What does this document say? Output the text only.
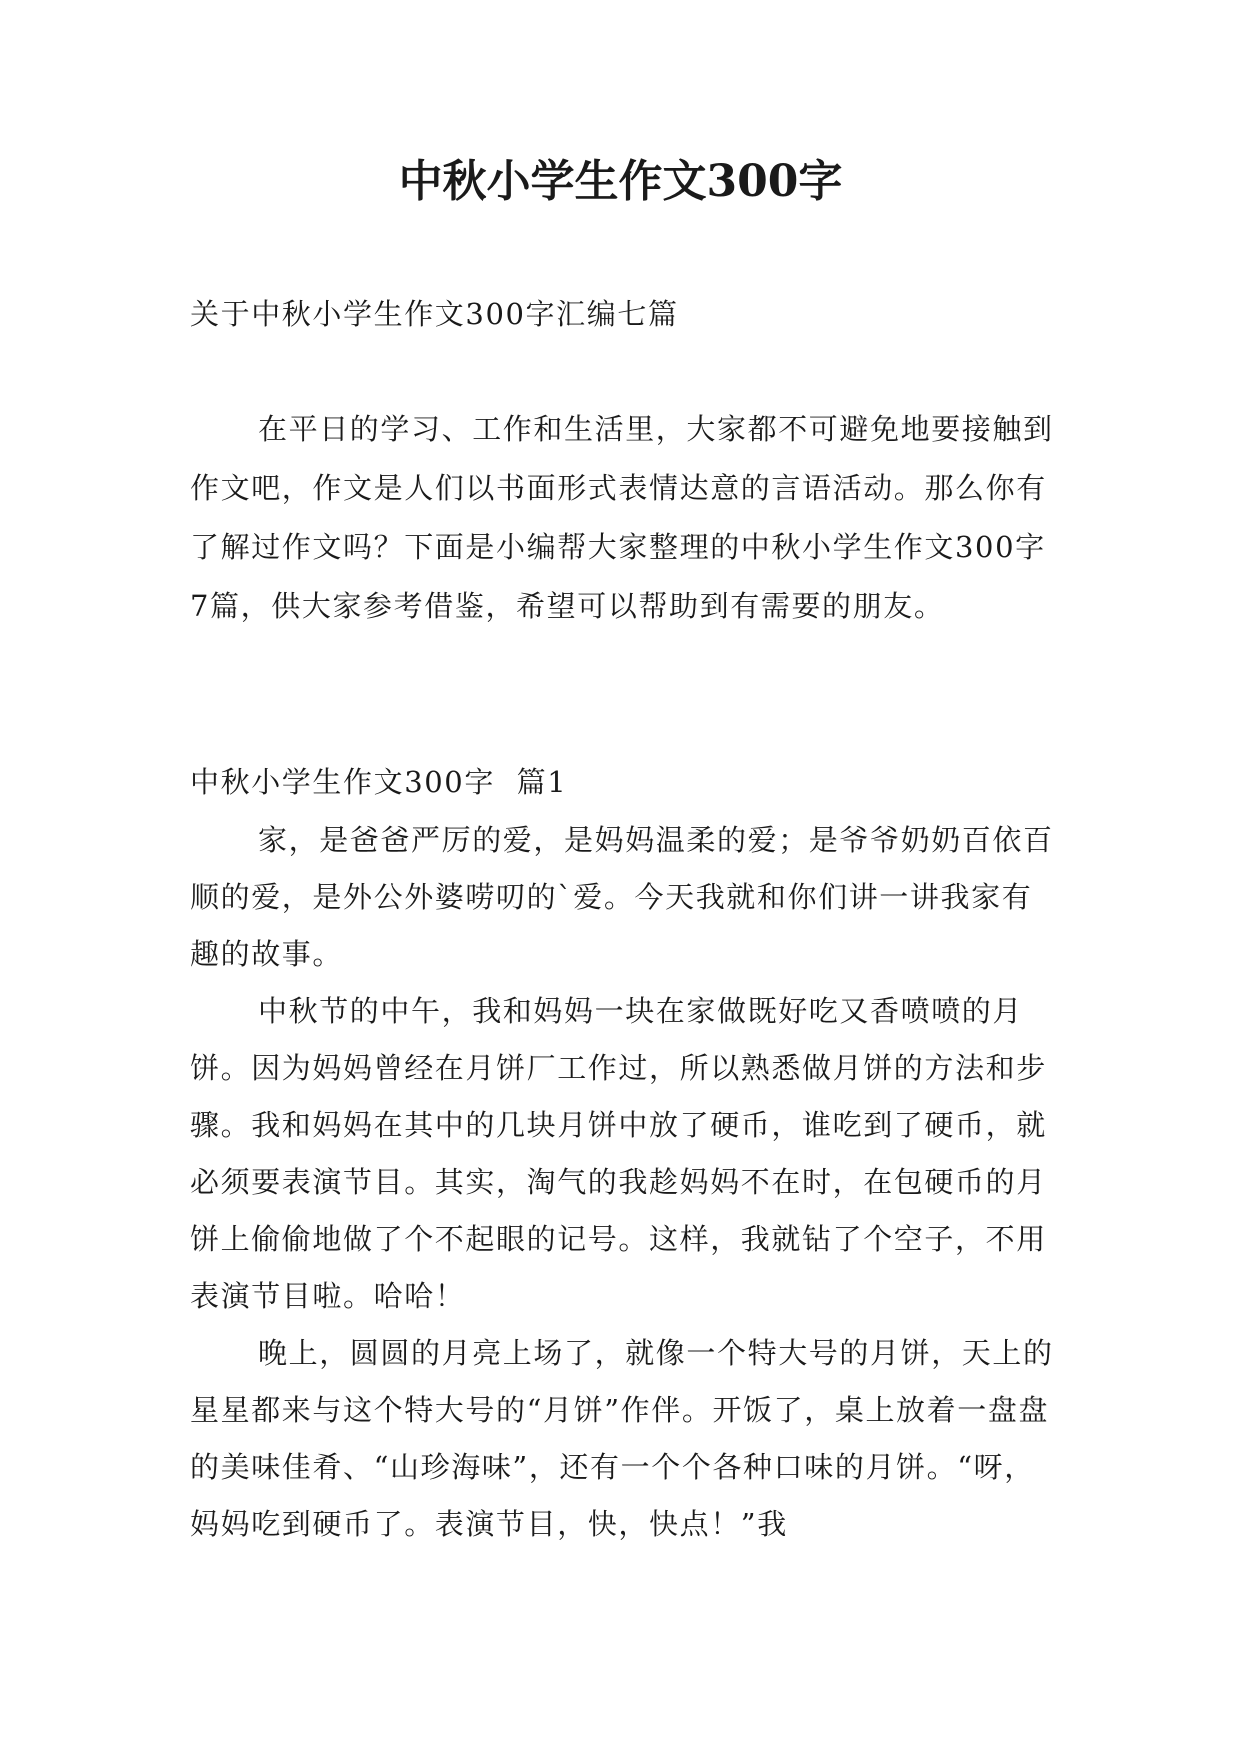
中秋小学生作文300字

关于中秋小学生作文300字汇编七篇

在平日的学习、工作和生活里，大家都不可避免地要接触到作文吧，作文是人们以书面形式表情达意的言语活动。那么你有了解过作文吗？下面是小编帮大家整理的中秋小学生作文300字7篇，供大家参考借鉴，希望可以帮助到有需要的朋友。

中秋小学生作文300字  篇1

家，是爸爸严厉的爱，是妈妈温柔的爱；是爷爷奶奶百依百顺的爱，是外公外婆唠叨的`爱。今天我就和你们讲一讲我家有趣的故事。

中秋节的中午，我和妈妈一块在家做既好吃又香喷喷的月饼。因为妈妈曾经在月饼厂工作过，所以熟悉做月饼的方法和步骤。我和妈妈在其中的几块月饼中放了硬币，谁吃到了硬币，就必须要表演节目。其实，淘气的我趁妈妈不在时，在包硬币的月饼上偷偷地做了个不起眼的记号。这样，我就钻了个空子，不用表演节目啦。哈哈！

晚上，圆圆的月亮上场了，就像一个特大号的月饼，天上的星星都来与这个特大号的“月饼”作伴。开饭了，桌上放着一盘盘的美味佳肴、“山珍海味”，还有一个个各种口味的月饼。“呀，妈妈吃到硬币了。表演节目，快，快点！”我
